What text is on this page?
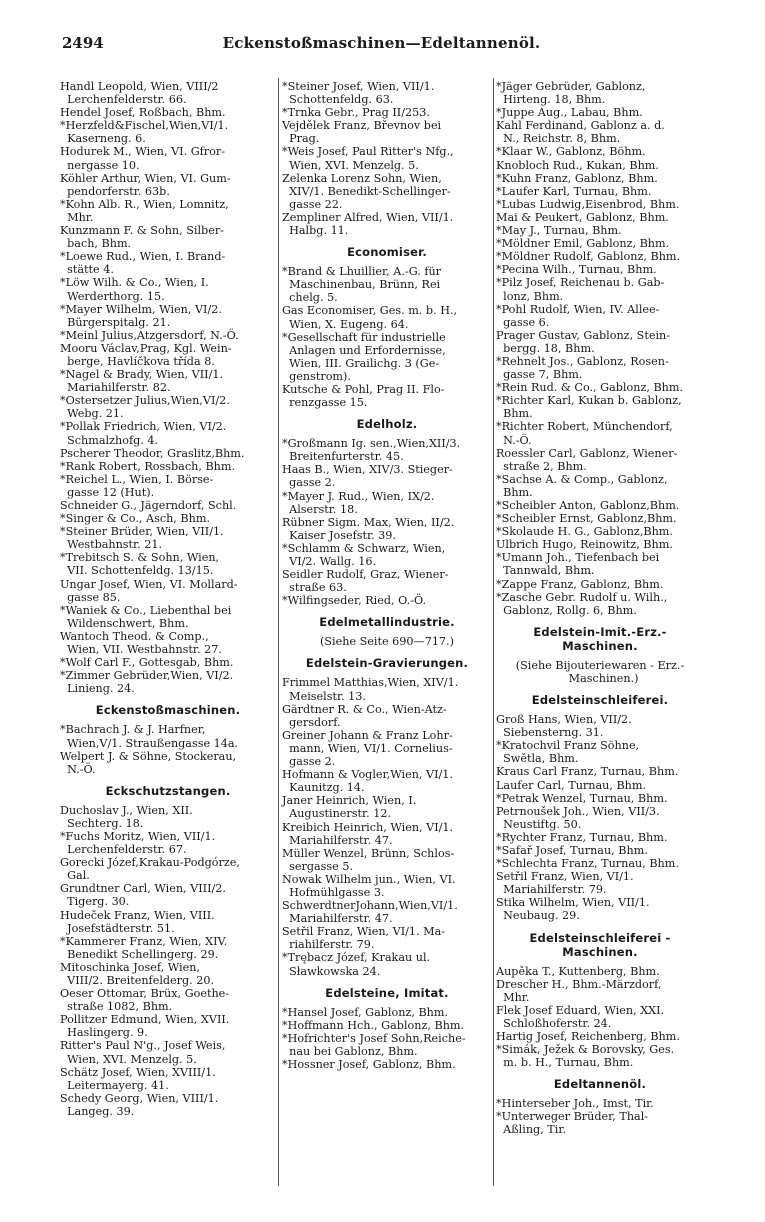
2494	Eckenstoßmaschinen—Edeltannenöl.

Handl Leopold, Wien, VIII/2
Lerchenfelderstr. 66.

Hendel Josef, Roßbach, Bhm.

*Herzfeld&Fischel,Wien,VI/1.
Kaserneng. 6.

Hodurek M., Wien, VI. Gfror-
nergasse 10.

Köhler Arthur, Wien, VI. Gum-
pendorferstr. 63b.

*Kohn Alb. R., Wien, Lomnitz,
Mhr.

Kunzmann F. & Sohn, Silber-
bach, Bhm.

*Loewe Rud., Wien, I. Brand-
stätte 4.

*Löw Wilh. & Co., Wien, I.
Werderthorg. 15.

*Mayer Wilhelm, Wien, VI/2.
Bürgerspitalg. 21.

*Meinl Julius,Atzgersdorf, N.-Ö.

Mooru Václav,Prag, Kgl. Wein-
berge, Havlíčkova třída 8.

*Nagel & Brady, Wien, VII/1.
Mariahilferstr. 82.

*Ostersetzer Julius,Wien,VI/2.
Webg. 21.

*Pollak Friedrich, Wien, VI/2.
Schmalzhofg. 4.

Pscherer Theodor, Graslitz,Bhm.

*Rank Robert, Rossbach, Bhm.

*Reichel L., Wien, I. Börse-
gasse 12 (Hut).

Schneider G., Jägerndorf, Schl.

*Singer & Co., Asch, Bhm.

*Steiner Brüder, Wien, VII/1.
Westbahnstr. 21.

*Trebitsch S. & Sohn, Wien,
VII. Schottenfeldg. 13/15.

Ungar Josef, Wien, VI. Mollard-
gasse 85.

*Waniek & Co., Liebenthal bei
Wildenschwert, Bhm.

Wantoch Theod. & Comp.,
Wien, VII. Westbahnstr. 27.

*Wolf Carl F., Gottesgab, Bhm.

*Zimmer Gebrüder,Wien, VI/2.
Linieng. 24.

Eckenstoßmaschinen.

*Bachrach J. & J. Harfner,
Wien,V/1. Straußengasse 14a.

Welpert J. & Söhne, Stockerau,
N.-Ö.

Eckschutzstangen.

Duchoslav J., Wien, XII.
Sechterg. 18.

*Fuchs Moritz, Wien, VII/1.
Lerchenfelderstr. 67.

Gorecki Józef,Krakau-Podgórze,
Gal.

Grundtner Carl, Wien, VIII/2.
Tigerg. 30.

Hudeček Franz, Wien, VIII.
Josefstädterstr. 51.

*Kammerer Franz, Wien, XIV.
Benedikt Schellingerg. 29.

Mitoschinka Josef, Wien,
VIII/2. Breitenfelderg. 20.

Oeser Ottomar, Brüx, Goethe-
straße 1082, Bhm.

Pollitzer Edmund, Wien, XVII.
Haslingerg. 9.

Ritter's Paul N'g., Josef Weis,
Wien, XVI. Menzelg. 5.

Schätz Josef, Wien, XVIII/1.
Leitermayerg. 41.

Schedy Georg, Wien, VIII/1.
Langeg. 39.

*Steiner Josef, Wien, VII/1.
Schottenfeldg. 63.

*Trnka Gebr., Prag II/253.

Vejdělek Franz, Břevnov bei
Prag.

*Weis Josef, Paul Ritter's Nfg.,
Wien, XVI. Menzelg. 5.

Zelenka Lorenz Sohn, Wien,
XIV/1. Benedikt-Schellinger-
gasse 22.

Zempliner Alfred, Wien, VII/1.
Halbg. 11.

Economiser.

*Brand & Lhuillier, A.-G. für
Maschinenbau, Brünn, Rei
chelg. 5.

Gas Economiser, Ges. m. b. H.,
Wien, X. Eugeng. 64.

*Gesellschaft für industrielle
Anlagen und Erfordernisse,
Wien, III. Grailichg. 3 (Ge-
genstrom).

Kutsche & Pohl, Prag II. Flo-
renzgasse 15.

Edelholz.

*Großmann Ig. sen.,Wien,XII/3.
Breitenfurterstr. 45.

Haas B., Wien, XIV/3. Stieger-
gasse 2.

*Mayer J. Rud., Wien, IX/2.
Alserstr. 18.

Rübner Sigm. Max, Wien, II/2.
Kaiser Josefstr. 39.

*Schlamm & Schwarz, Wien,
VI/2. Wallg. 16.

Seidler Rudolf, Graz, Wiener-
straße 63.

*Wilfingseder, Ried, O.-Ö.

Edelmetallindustrie.

(Siehe Seite 690—717.)

Edelstein-Gravierungen.

Frimmel Matthias,Wien, XIV/1.
Meiselstr. 13.

Gärdtner R. & Co., Wien-Atz-
gersdorf.

Greiner Johann & Franz Lohr-
mann, Wien, VI/1. Cornelius-
gasse 2.

Hofmann & Vogler,Wien, VI/1.
Kaunitzg. 14.

Janer Heinrich, Wien, I.
Augustinerstr. 12.

Kreibich Heinrich, Wien, VI/1.
Mariahilferstr. 47.

Müller Wenzel, Brünn, Schlos-
sergasse 5.

Nowak Wilhelm jun., Wien, VI.
Hofmühlgasse 3.

SchwerdtnerJohann,Wien,VI/1.
Mariahilferstr. 47.

Setřil Franz, Wien, VI/1. Ma-
riahilferstr. 79.

*Trębacz Józef, Krakau ul.
Sławkowska 24.

Edelsteine, Imitat.

*Hansel Josef, Gablonz, Bhm.

*Hoffmann Hch., Gablonz, Bhm.

*Hofrichter's Josef Sohn,Reiche-
nau bei Gablonz, Bhm.

*Hossner Josef, Gablonz, Bhm.

*Jäger Gebrüder, Gablonz,
Hirteng. 18, Bhm.

*Juppe Aug., Labau, Bhm.

Kahl Ferdinand, Gablonz a. d.
N., Reichstr. 8, Bhm.

*Klaar W., Gablonz, Böhm.

Knobloch Rud., Kukan, Bhm.

*Kuhn Franz, Gablonz, Bhm.

*Laufer Karl, Turnau, Bhm.

*Lubas Ludwig,Eisenbrod, Bhm.

Mai & Peukert, Gablonz, Bhm.

*May J., Turnau, Bhm.

*Möldner Emil, Gablonz, Bhm.

*Möldner Rudolf, Gablonz, Bhm.

*Pecina Wilh., Turnau, Bhm.

*Pilz Josef, Reichenau b. Gab-
lonz, Bhm.

*Pohl Rudolf, Wien, IV. Allee-
gasse 6.

Prager Gustav, Gablonz, Stein-
bergg. 18, Bhm.

*Rehnelt Jos., Gablonz, Rosen-
gasse 7, Bhm.

*Rein Rud. & Co., Gablonz, Bhm.

*Richter Karl, Kukan b. Gablonz,
Bhm.

*Richter Robert, Münchendorf,
N.-Ö.

Roessler Carl, Gablonz, Wiener-
straße 2, Bhm.

*Sachse A. & Comp., Gablonz,
Bhm.

*Scheibler Anton, Gablonz,Bhm.

*Scheibler Ernst, Gablonz,Bhm.

*Skolaude H. G., Gablonz,Bhm.

Ulbrich Hugo, Reinowitz, Bhm.

*Umann Joh., Tiefenbach bei
Tannwald, Bhm.

*Zappe Franz, Gablonz, Bhm.

*Zasche Gebr. Rudolf u. Wilh.,
Gablonz, Rollg. 6, Bhm.

Edelstein-Imit.-Erz.-Maschinen.

(Siehe Bijouteriewaren - Erz.-
Maschinen.)

Edelsteinschleiferei.

Groß Hans, Wien, VII/2.
Siebensterng. 31.

*Kratochvil Franz Söhne,
Swětla, Bhm.

Kraus Carl Franz, Turnau, Bhm.

Laufer Carl, Turnau, Bhm.

*Petrak Wenzel, Turnau, Bhm.

Petrnoušek Joh., Wien, VII/3.
Neustiftg. 50.

*Rychter Franz, Turnau, Bhm.

*Safař Josef, Turnau, Bhm.

*Schlechta Franz, Turnau, Bhm.

Setřil Franz, Wien, VI/1.
Mariahilferstr. 79.

Stika Wilhelm, Wien, VII/1.
Neubaug. 29.

Edelsteinschleiferei - Maschinen.

Aupěka T., Kuttenberg, Bhm.

Drescher H., Bhm.-Märzdorf,
Mhr.

Flek Josef Eduard, Wien, XXI.
Schloßhoferstr. 24.

Hartig Josef, Reichenberg, Bhm.

*Simák, Ježek & Borovsky, Ges.
m. b. H., Turnau, Bhm.

Edeltannenöl.

*Hinterseber Joh., Imst, Tir.

*Unterweger Brüder, Thal-
Aßling, Tir.
